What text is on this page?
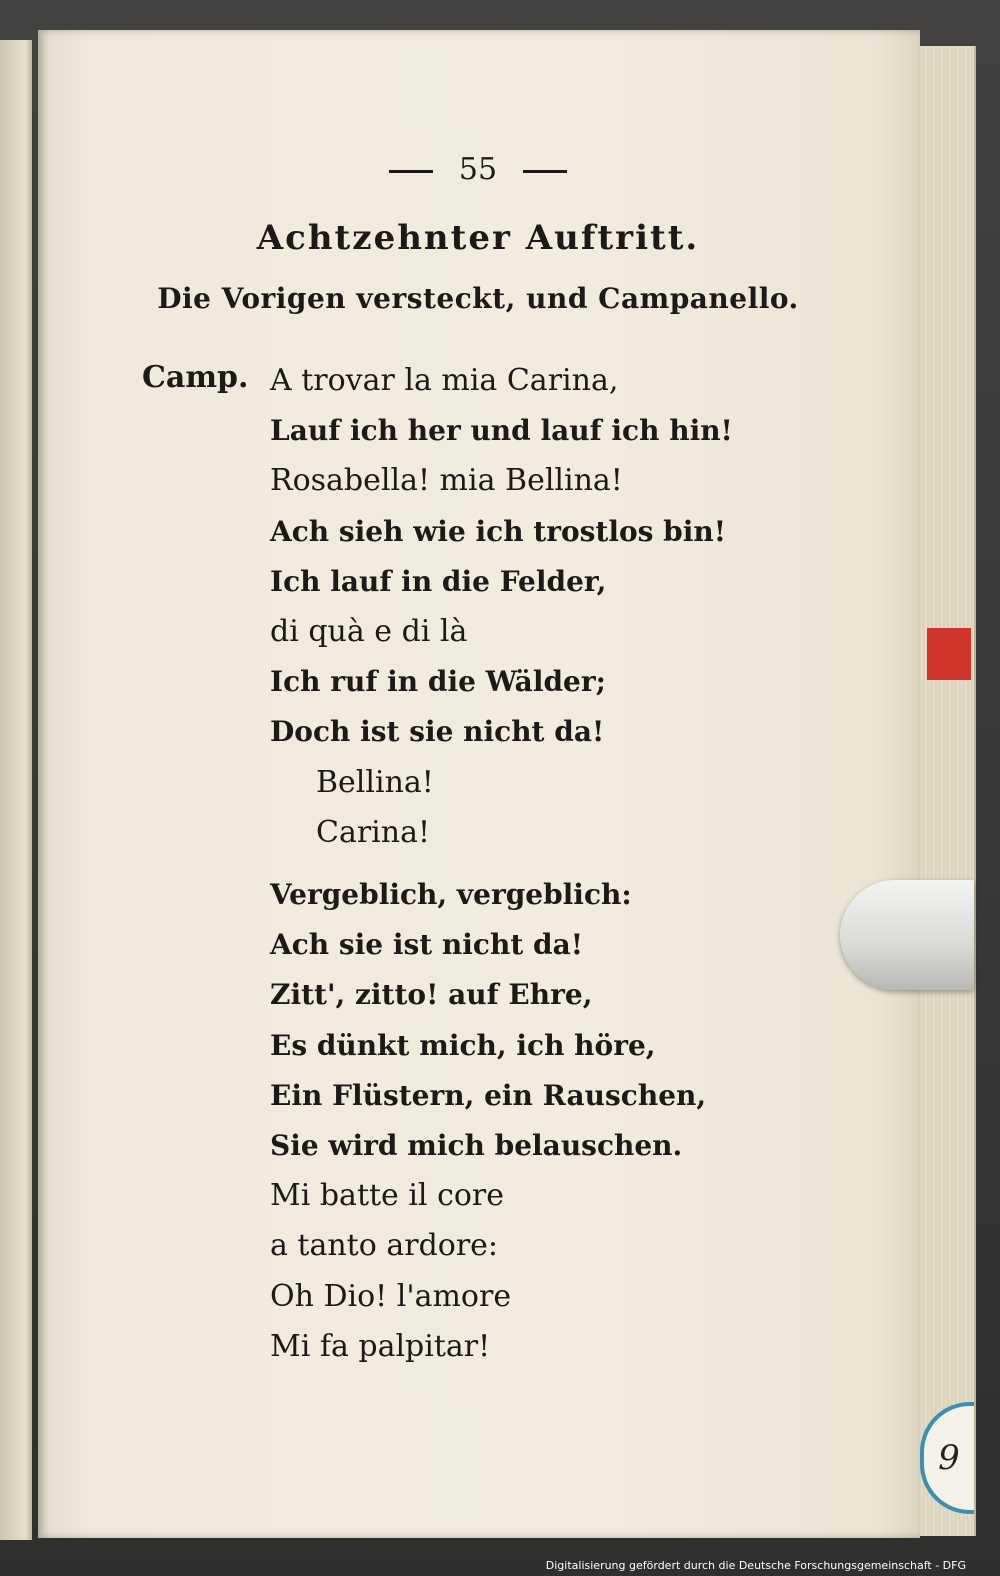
55
Achtzehnter Auftritt.
Die Vorigen versteckt, und Campanello.
Camp. A trovar la mia Carina,
Lauf ich her und lauf ich hin!
Rosabella! mia Bellina!
Ach sieh wie ich trostlos bin!
Ich lauf in die Felder,
di quà e di là
Ich ruf in die Wälder;
Doch ist sie nicht da!
Bellina!
Carina!
Vergeblich, vergeblich:
Ach sie ist nicht da!
Zitt', zitto! auf Ehre,
Es dünkt mich, ich höre,
Ein Flüstern, ein Rauschen,
Sie wird mich belauschen.
Mi batte il core
a tanto ardore:
Oh Dio! l'amore
Mi fa palpitar!
9
Digitalisierung gefördert durch die Deutsche Forschungsgemeinschaft - DFG
